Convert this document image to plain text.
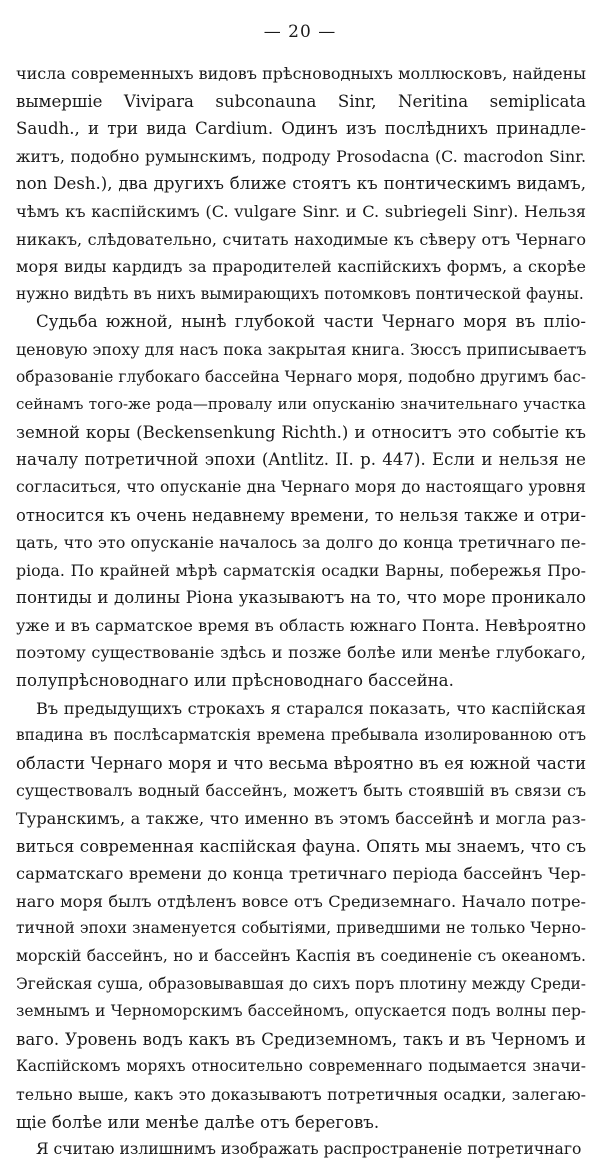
— 20 —
числа современныхъ видовъ прѣсноводныхъ моллюсковъ, найдены
вымершіе Vivipara subconauna Sinr, Neritina semiplicata
Saudh., и три вида Cardium. Одинъ изъ послѣднихъ принадле-
житъ, подобно румынскимъ, подроду Prosodaсna (C. macrodon Sinr.
non Desh.), два другихъ ближе стоятъ къ понтическимъ видамъ,
чѣмъ къ каспійскимъ (C. vulgare Sinr. и C. subriegeli Sinr). Нельзя
никакъ, слѣдовательно, считать находимые къ сѣверу отъ Чернаго
моря виды кардидъ за прародителей каспійскихъ формъ, а скорѣе
нужно видѣть въ нихъ вымирающихъ потомковъ понтической фауны.
Судьба южной, нынѣ глубокой части Чернаго моря въ пліо-
ценовую эпоху для насъ пока закрытая книга. Зюссъ приписываетъ
образованіе глубокаго бассейна Чернаго моря, подобно другимъ бас-
сейнамъ того-же рода—провалу или опусканію значительнаго участка
земной коры (Beckensenkung Richth.) и относитъ это событіе къ
началу потретичной эпохи (Antlitz. II. p. 447). Если и нельзя не
согласиться, что опусканіе дна Чернаго моря до настоящаго уровня
относится къ очень недавнему времени, то нельзя также и отри-
цать, что это опусканіе началось за долго до конца третичнаго пе-
ріода. По крайней мѣрѣ сарматскія осадки Варны, побережья Про-
понтиды и долины Ріона указываютъ на то, что море проникало
уже и въ сарматское время въ область южнаго Понта. Невѣроятно
поэтому существованіе здѣсь и позже болѣе или менѣе глубокаго,
полупрѣсноводнаго или прѣсноводнаго бассейна.
Въ предыдущихъ строкахъ я старался показать, что каспійская
впадина въ послѣсарматскія времена пребывала изолированною отъ
области Чернаго моря и что весьма вѣроятно въ ея южной части
существовалъ водный бассейнъ, можетъ быть стоявшій въ связи съ
Туранскимъ, а также, что именно въ этомъ бассейнѣ и могла раз-
виться современная каспійская фауна. Опять мы знаемъ, что съ
сарматскаго времени до конца третичнаго періода бассейнъ Чер-
наго моря былъ отдѣленъ вовсе отъ Средиземнаго. Начало потре-
тичной эпохи знаменуется событіями, приведшими не только Черно-
морскій бассейнъ, но и бассейнъ Каспія въ соединеніе съ океаномъ.
Эгейская суша, образовывавшая до сихъ поръ плотину между Среди-
земнымъ и Черноморскимъ бассейномъ, опускается подъ волны пер-
ваго. Уровень водъ какъ въ Средиземномъ, такъ и въ Черномъ и
Каспійскомъ моряхъ относительно современнаго подымается значи-
тельно выше, какъ это доказываютъ потретичныя осадки, залегаю-
щіе болѣе или менѣе далѣе отъ береговъ.
Я считаю излишнимъ изображать распространеніе потретичнаго
